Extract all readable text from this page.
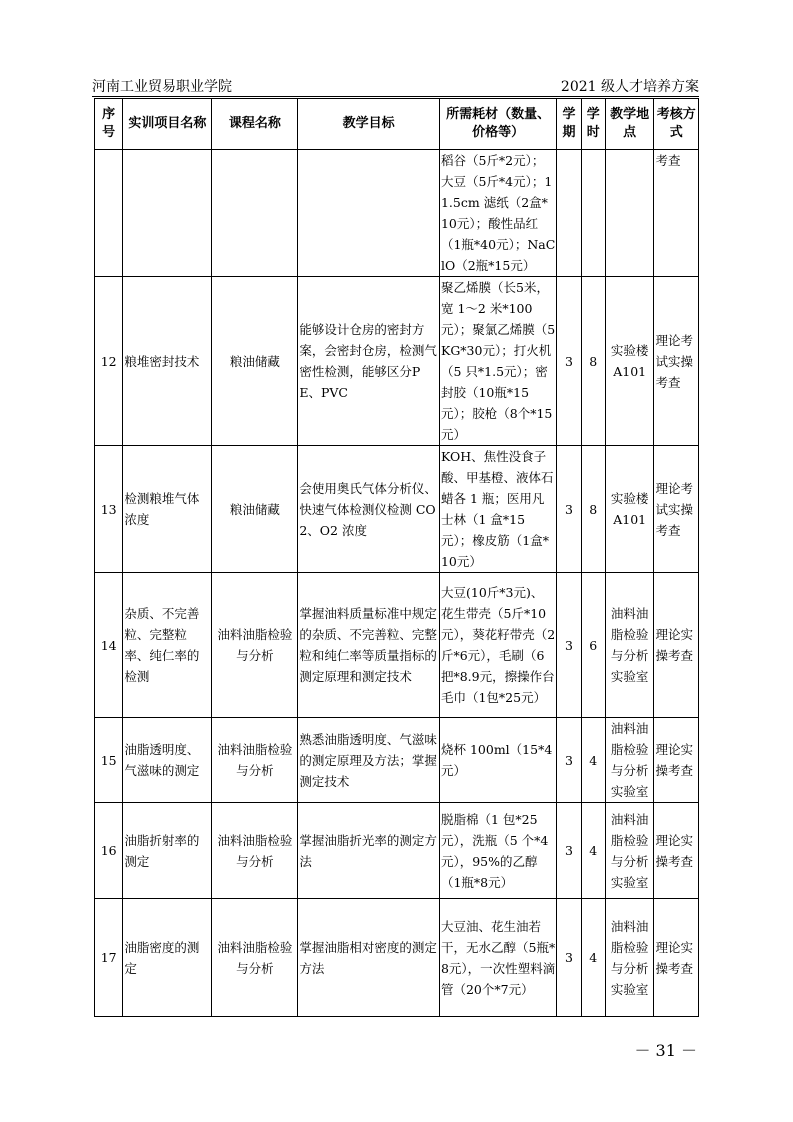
河南工业贸易职业学院	2021 级人才培养方案
序号	实训项目名称	课程名称	教学目标	所需耗材（数量、价格等）	学期	学时	教学地点	考核方式
				稻谷（5斤*2元）；大豆（5斤*4元）；11.5cm 滤纸（2盒*10元）；酸性品红（1瓶*40元）；NaClO（2瓶*15元）				考查
12	粮堆密封技术	粮油储藏	能够设计仓房的密封方案，会密封仓房，检测气密性检测，能够区分PE、PVC	聚乙烯膜（长5米，宽 1～2 米*100元）；聚氯乙烯膜（5KG*30元）；打火机（5 只*1.5元）；密封胶（10瓶*15元）；胶枪（8个*15元）	3	8	实验楼A101	理论考试实操考查
13	检测粮堆气体浓度	粮油储藏	会使用奥氏气体分析仪、快速气体检测仪检测 CO2、O2 浓度	KOH、焦性没食子酸、甲基橙、液体石蜡各 1 瓶；医用凡士林（1 盒*15元）；橡皮筋（1盒*10元）	3	8	实验楼A101	理论考试实操考查
14	杂质、不完善粒、完整粒率、纯仁率的检测	油料油脂检验与分析	掌握油料质量标准中规定的杂质、不完善粒、完整粒和纯仁率等质量指标的测定原理和测定技术	大豆(10斤*3元)、花生带壳（5斤*10元），葵花籽带壳（2斤*6元），毛刷（6把*8.9元，擦操作台毛巾（1包*25元）	3	6	油料油脂检验与分析实验室	理论实操考查
15	油脂透明度、气滋味的测定	油料油脂检验与分析	熟悉油脂透明度、气滋味的测定原理及方法；掌握测定技术	烧杯 100ml（15*4元）	3	4	油料油脂检验与分析实验室	理论实操考查
16	油脂折射率的测定	油料油脂检验与分析	掌握油脂折光率的测定方法	脱脂棉（1 包*25元），洗瓶（5 个*4 元），95%的乙醇（1瓶*8元）	3	4	油料油脂检验与分析实验室	理论实操考查
17	油脂密度的测定	油料油脂检验与分析	掌握油脂相对密度的测定方法	大豆油、花生油若干，无水乙醇（5瓶*8元），一次性塑料滴管（20个*7元）	3	4	油料油脂检验与分析实验室	理论实操考查
－ 31 －
